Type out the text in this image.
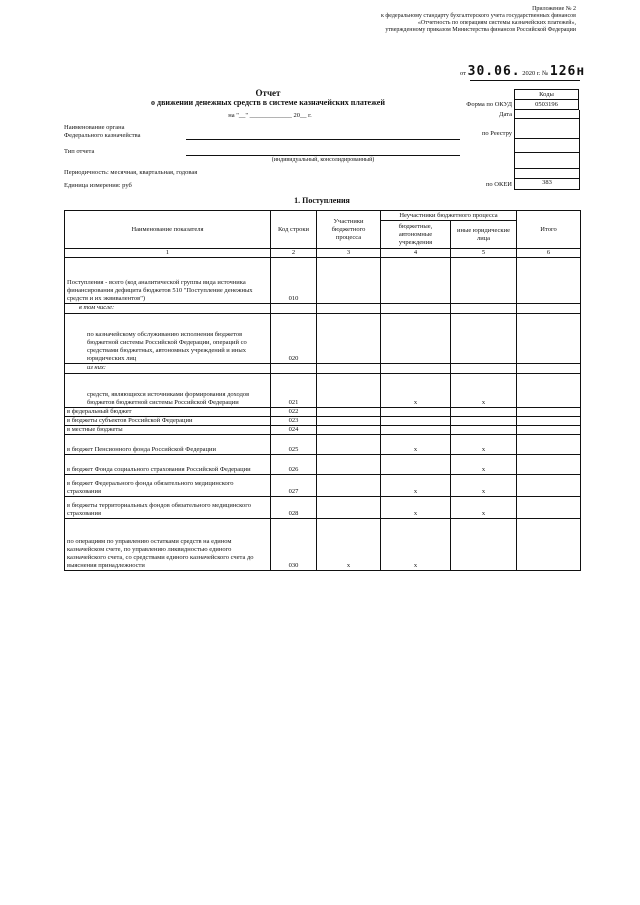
Приложение № 2
к федеральному стандарту бухгалтерского учета государственных финансов
«Отчетность по операциям системы казначейских платежей»,
утвержденному приказом Министерства финансов Российской Федерации
от 30.06. 2020 г. № 126н
Коды
0503196
383
Форма по ОКУД
Дата
по Реестру
по ОКЕИ
Отчет
о движении денежных средств в системе казначейских платежей
на "__" _____________ 20__ г.
Наименование органа
Федерального казначейства
Тип отчета
(индивидуальный, консолидированный)
Периодичность: месячная, квартальная, годовая
Единица измерения: руб
1. Поступления
Наименование показателя	Код строки	Участники бюджетного процесса	Неучастники бюджетного процесса		Итого
			бюджетные, автономные учреждения	иные юридические лица	
1	2	3	4	5	6
Поступления - всего (код аналитической группы вида источника финансирования дефицита бюджетов 510 "Поступление денежных средств и их эквивалентов")	010				
в том числе:					
по казначейскому обслуживанию исполнения бюджетов бюджетной системы Российской Федерации, операций со средствами бюджетных, автономных учреждений и иных юридических лиц	020				
из них:					
средств, являющихся источниками формирования доходов бюджетов бюджетной системы Российской Федерации	021		x	x	
в федеральный бюджет	022				
в бюджеты субъектов Российской Федерации	023				
в местные бюджеты	024				
в бюджет Пенсионного фонда Российской Федерации	025		x	x	
в бюджет Фонда социального страхования Российской Федерации	026			x	
в бюджет Федерального фонда обязательного медицинского страхования	027		x	x	
в бюджеты территориальных фондов обязательного медицинского страхования	028		x	x	
по операциям по управлению остатками средств на едином казначейском счете, по управлению ликвидностью единого казначейского счета, со средствами единого казначейского счета до выяснения принадлежности	030	x	x		
